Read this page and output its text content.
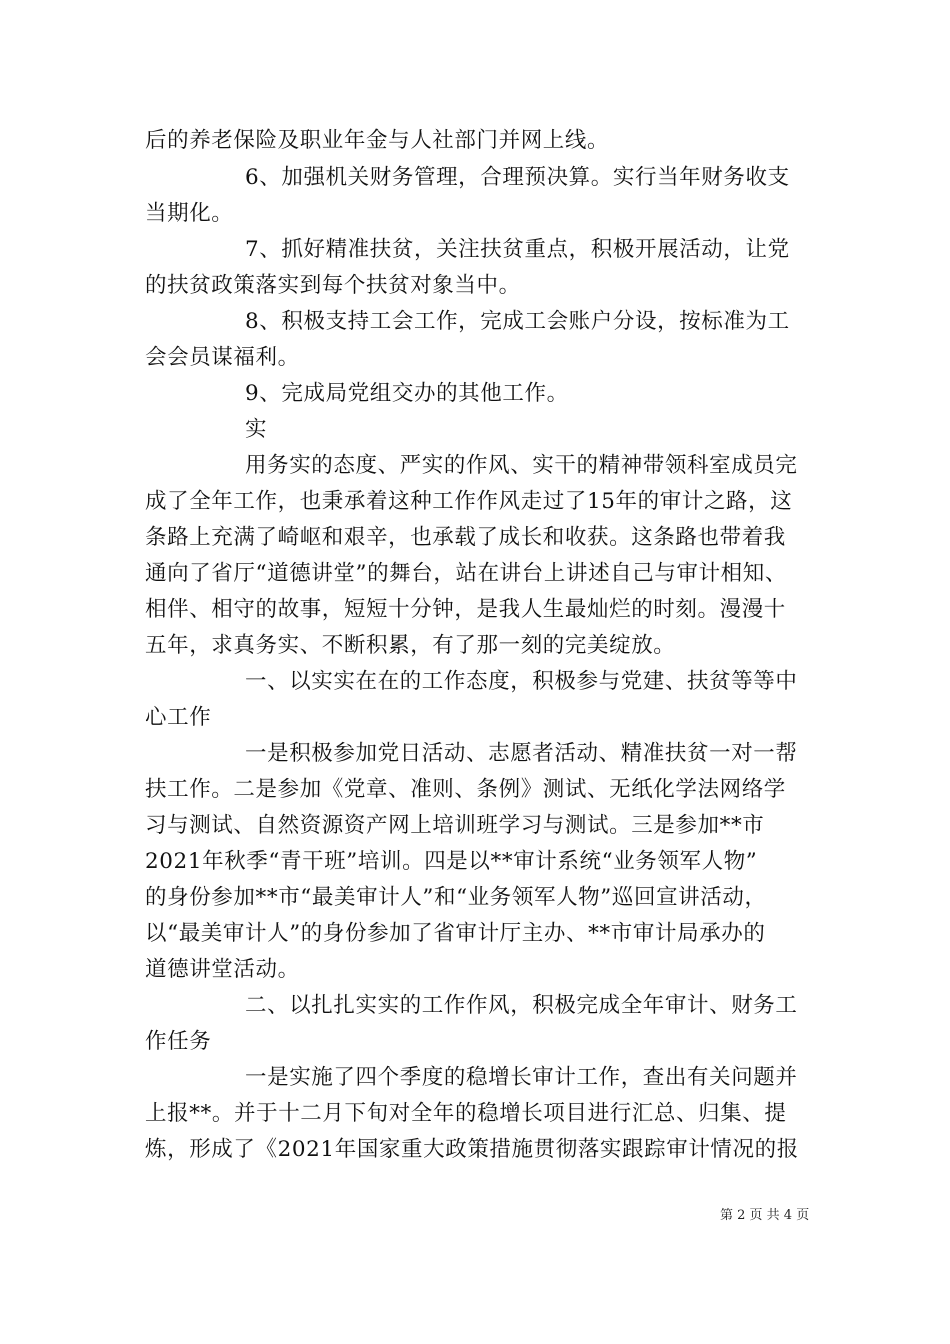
后的养老保险及职业年金与人社部门并网上线。
6、加强机关财务管理，合理预决算。实行当年财务收支
当期化。
7、抓好精准扶贫，关注扶贫重点，积极开展活动，让党
的扶贫政策落实到每个扶贫对象当中。
8、积极支持工会工作，完成工会账户分设，按标准为工
会会员谋福利。
9、完成局党组交办的其他工作。
实
用务实的态度、严实的作风、实干的精神带领科室成员完
成了全年工作，也秉承着这种工作作风走过了15年的审计之路，这
条路上充满了崎岖和艰辛，也承载了成长和收获。这条路也带着我
通向了省厅“道德讲堂”的舞台，站在讲台上讲述自己与审计相知、
相伴、相守的故事，短短十分钟，是我人生最灿烂的时刻。漫漫十
五年，求真务实、不断积累，有了那一刻的完美绽放。
一、以实实在在的工作态度，积极参与党建、扶贫等等中
心工作
一是积极参加党日活动、志愿者活动、精准扶贫一对一帮
扶工作。二是参加《党章、准则、条例》测试、无纸化学法网络学
习与测试、自然资源资产网上培训班学习与测试。三是参加**市
2021年秋季“青干班”培训。四是以**审计系统“业务领军人物”
的身份参加**市“最美审计人”和“业务领军人物”巡回宣讲活动，
以“最美审计人”的身份参加了省审计厅主办、**市审计局承办的
道德讲堂活动。
二、以扎扎实实的工作作风，积极完成全年审计、财务工
作任务
一是实施了四个季度的稳增长审计工作，查出有关问题并
上报**。并于十二月下旬对全年的稳增长项目进行汇总、归集、提
炼，形成了《2021年国家重大政策措施贯彻落实跟踪审计情况的报
第 2 页 共 4 页
